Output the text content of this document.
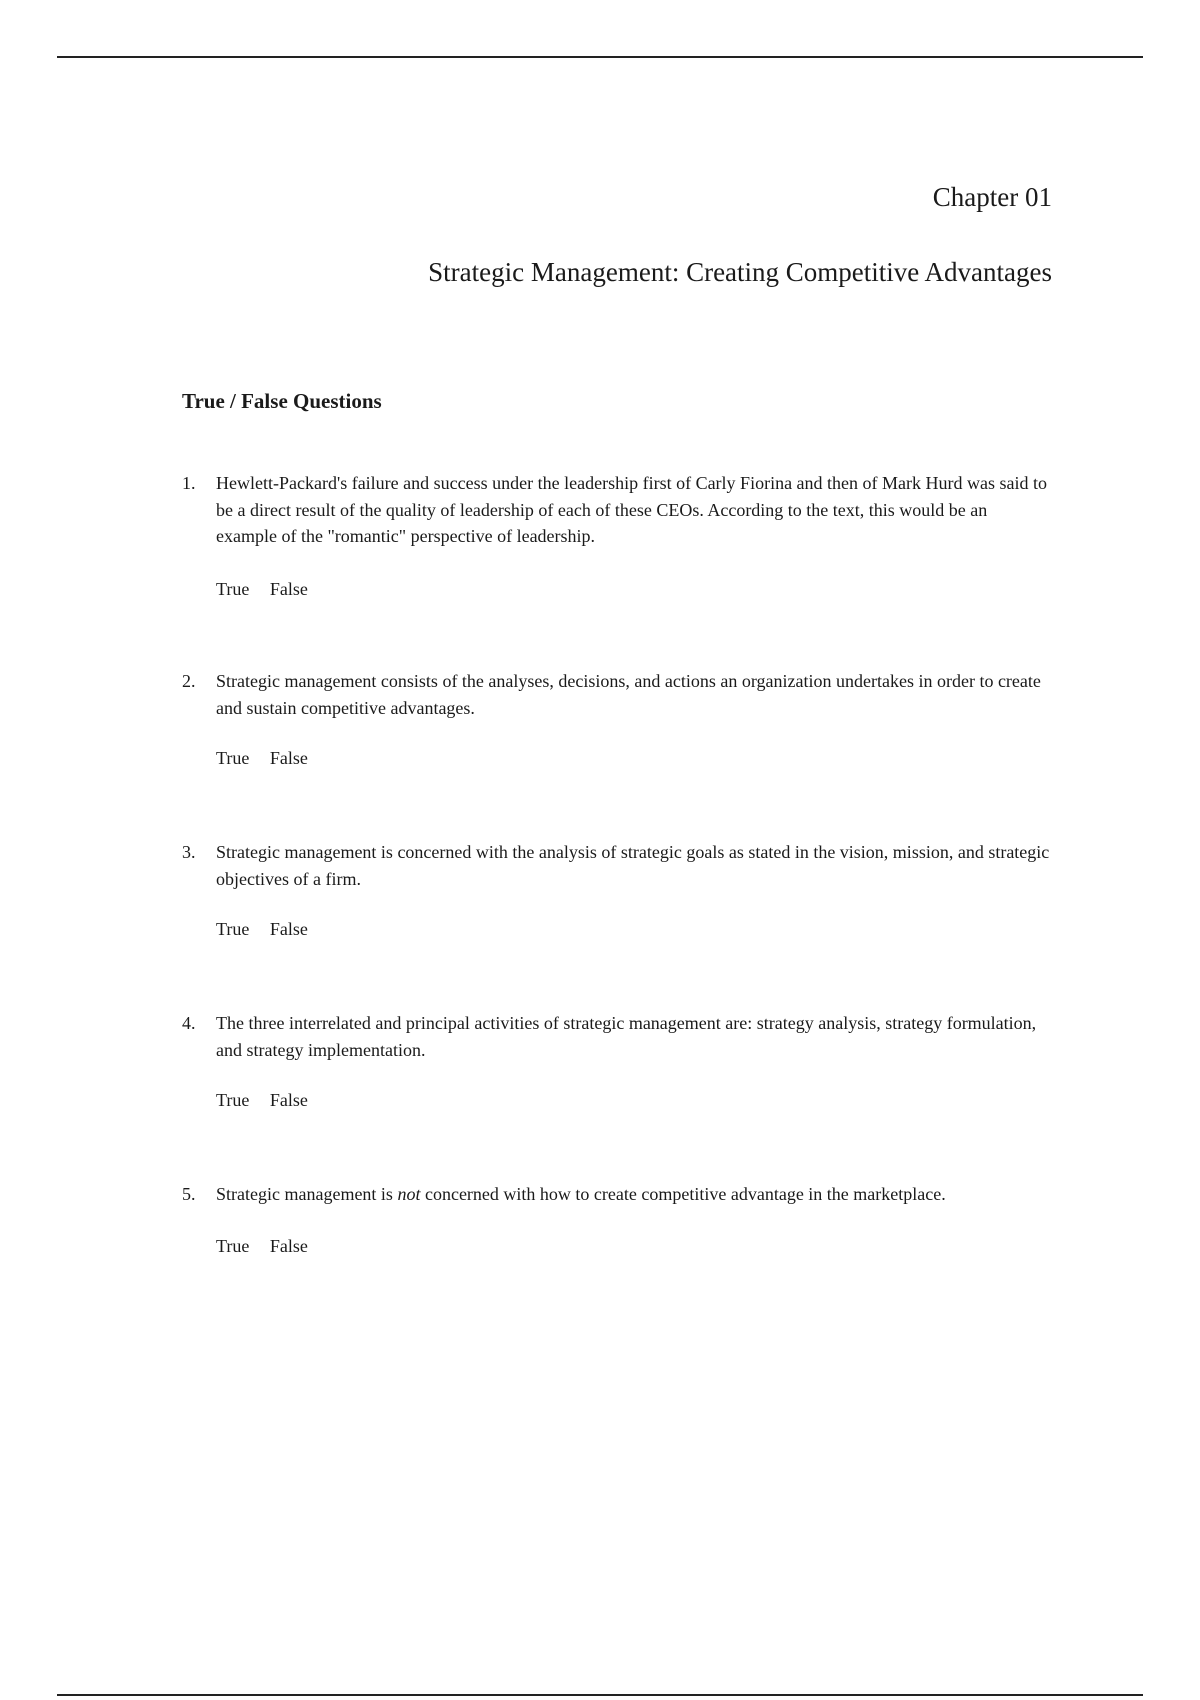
Chapter 01
Strategic Management: Creating Competitive Advantages
True / False Questions
1.	Hewlett-Packard's failure and success under the leadership first of Carly Fiorina and then of Mark Hurd was said to be a direct result of the quality of leadership of each of these CEOs. According to the text, this would be an example of the "romantic" perspective of leadership.
True False
2.	Strategic management consists of the analyses, decisions, and actions an organization undertakes in order to create and sustain competitive advantages.
True False
3.	Strategic management is concerned with the analysis of strategic goals as stated in the vision, mission, and strategic objectives of a firm.
True False
4.	The three interrelated and principal activities of strategic management are: strategy analysis, strategy formulation, and strategy implementation.
True False
5.	Strategic management is not concerned with how to create competitive advantage in the marketplace.
True False
